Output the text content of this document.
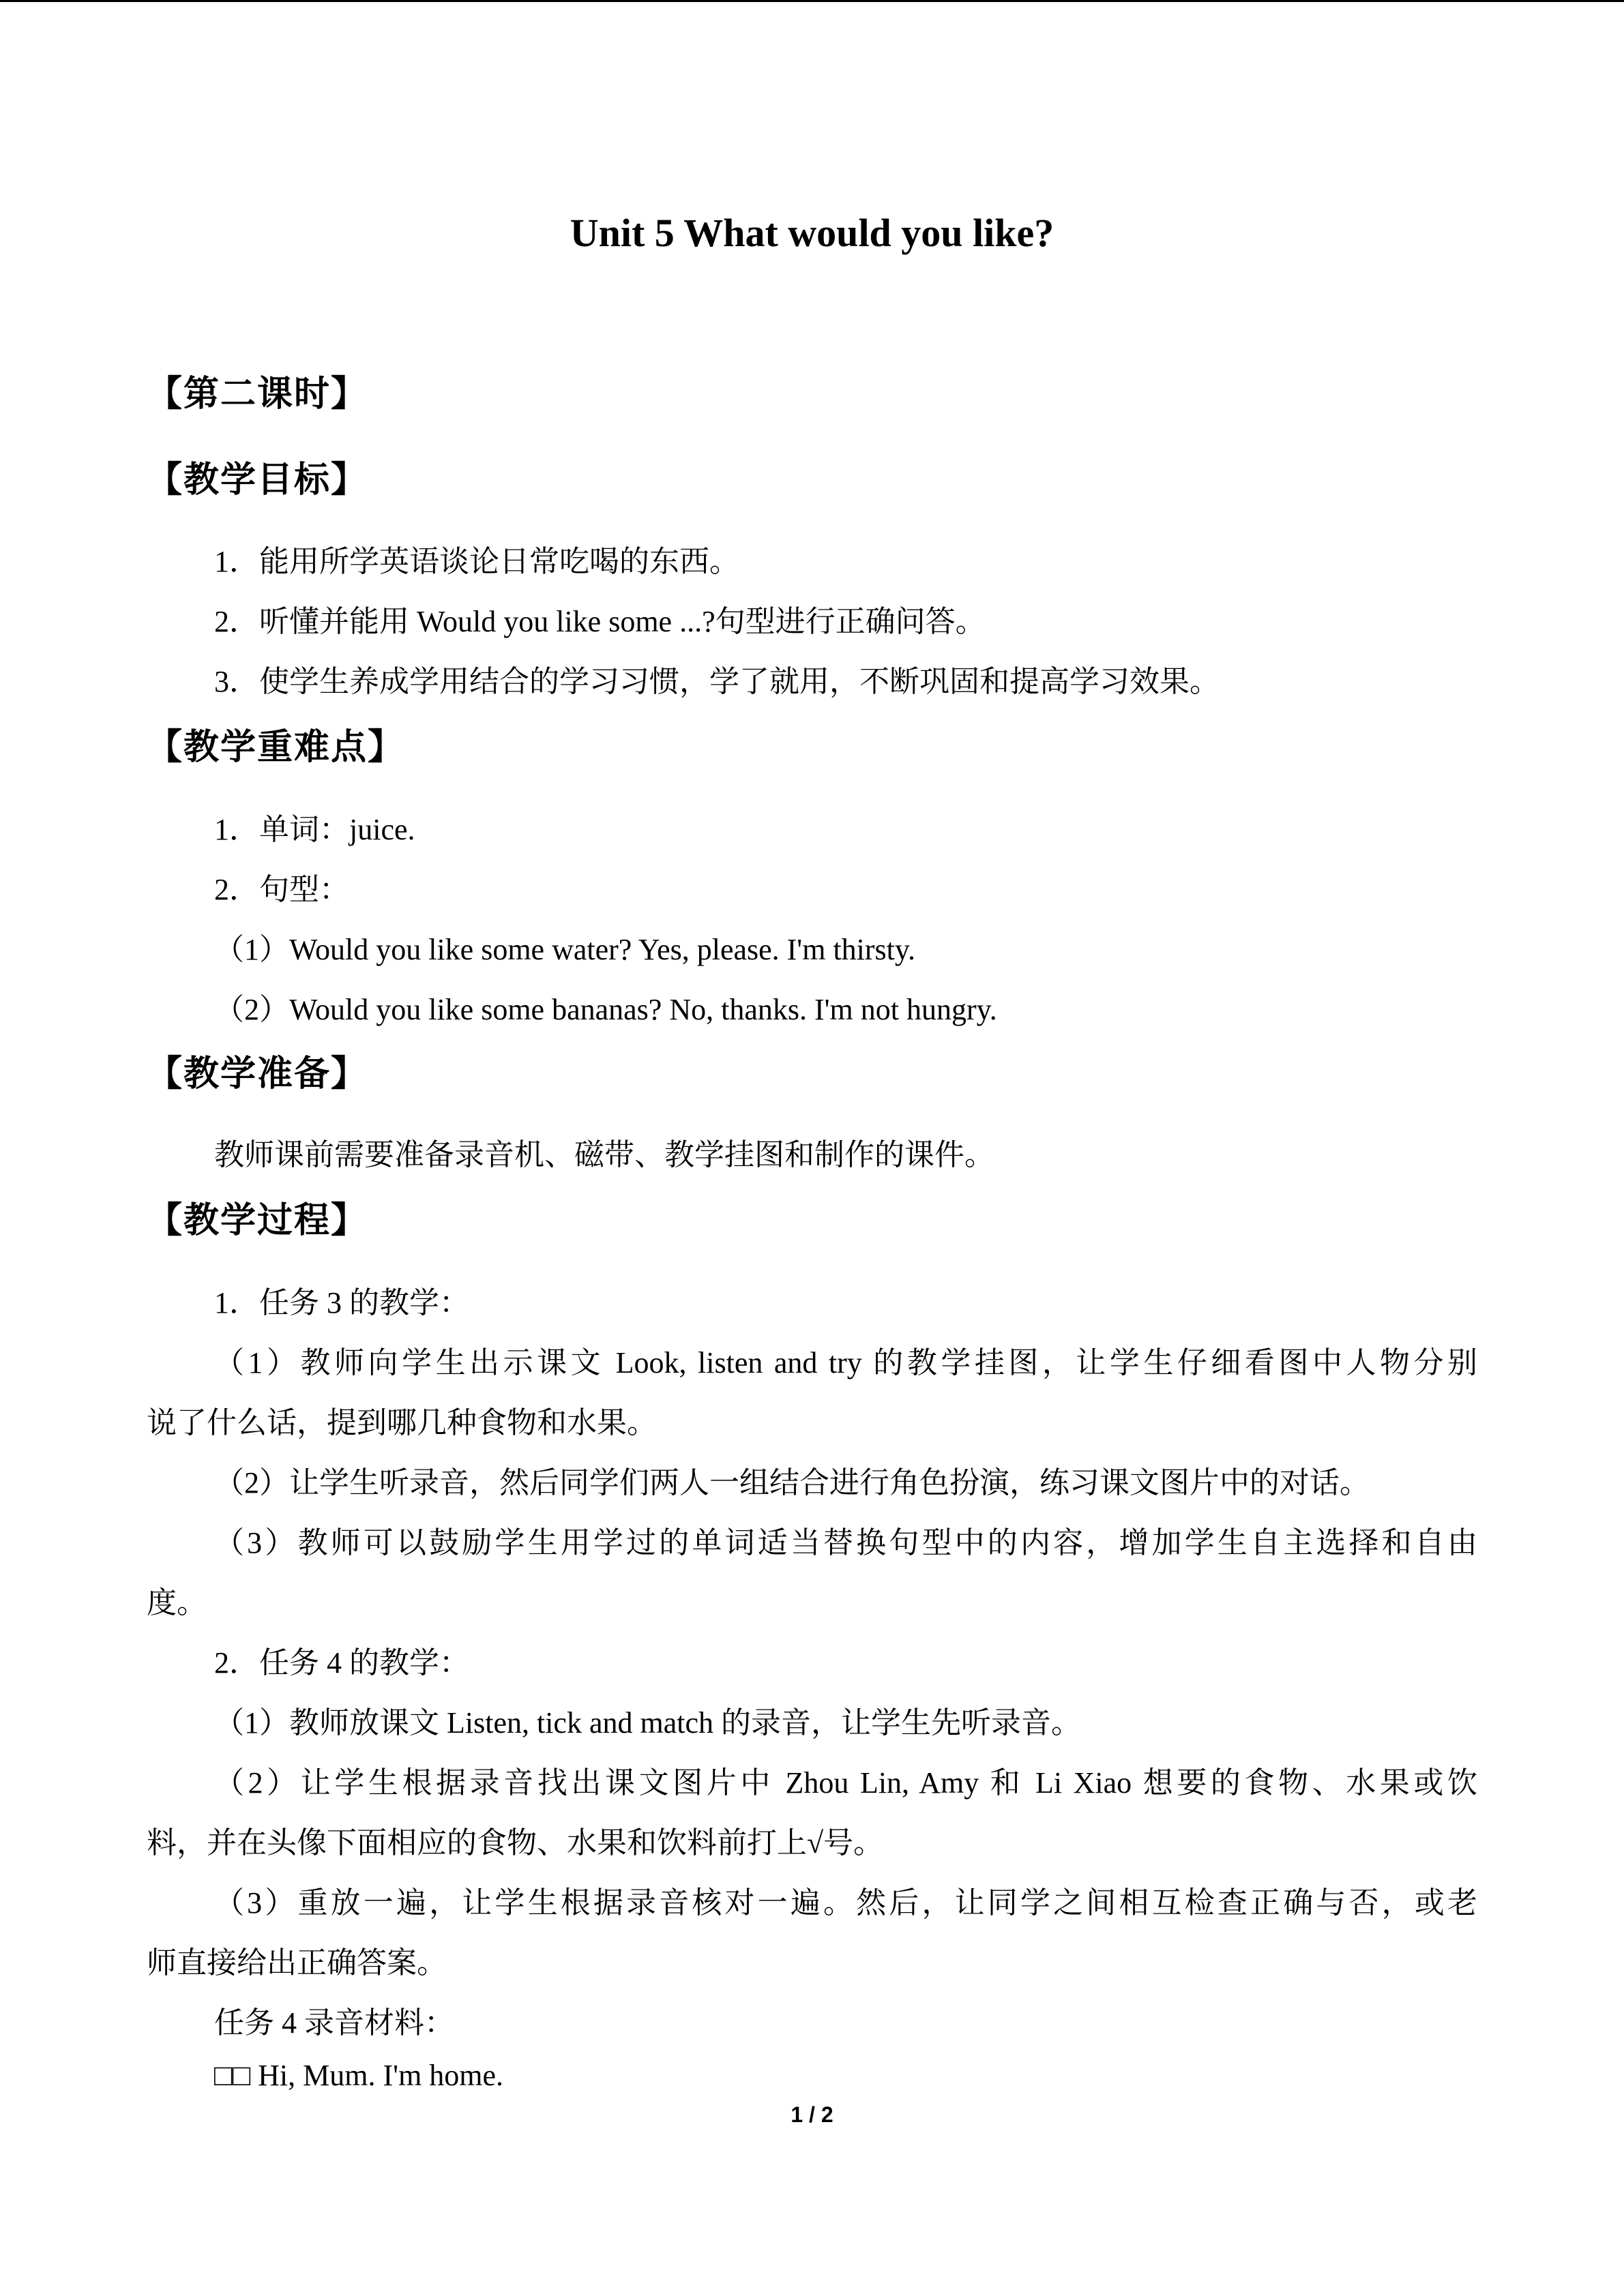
Unit 5 What would you like?
【第二课时】
【教学目标】
1．能用所学英语谈论日常吃喝的东西。
2．听懂并能用 Would you like some ...?句型进行正确问答。
3．使学生养成学用结合的学习习惯，学了就用，不断巩固和提高学习效果。
【教学重难点】
1．单词：juice.
2．句型：
（1）Would you like some water? Yes, please. I'm thirsty.
（2）Would you like some bananas? No, thanks. I'm not hungry.
【教学准备】
教师课前需要准备录音机、磁带、教学挂图和制作的课件。
【教学过程】
1．任务 3 的教学：
（1）教师向学生出示课文 Look, listen and try 的教学挂图，让学生仔细看图中人物分别
说了什么话，提到哪几种食物和水果。
（2）让学生听录音，然后同学们两人一组结合进行角色扮演，练习课文图片中的对话。
（3）教师可以鼓励学生用学过的单词适当替换句型中的内容，增加学生自主选择和自由
度。
2．任务 4 的教学：
（1）教师放课文 Listen, tick and match 的录音，让学生先听录音。
（2）让学生根据录音找出课文图片中 Zhou Lin, Amy 和 Li Xiao 想要的食物、水果或饮
料，并在头像下面相应的食物、水果和饮料前打上√号。
（3）重放一遍，让学生根据录音核对一遍。然后，让同学之间相互检查正确与否，或老
师直接给出正确答案。
任务 4 录音材料：
□□ Hi, Mum. I'm home.
1 / 2
